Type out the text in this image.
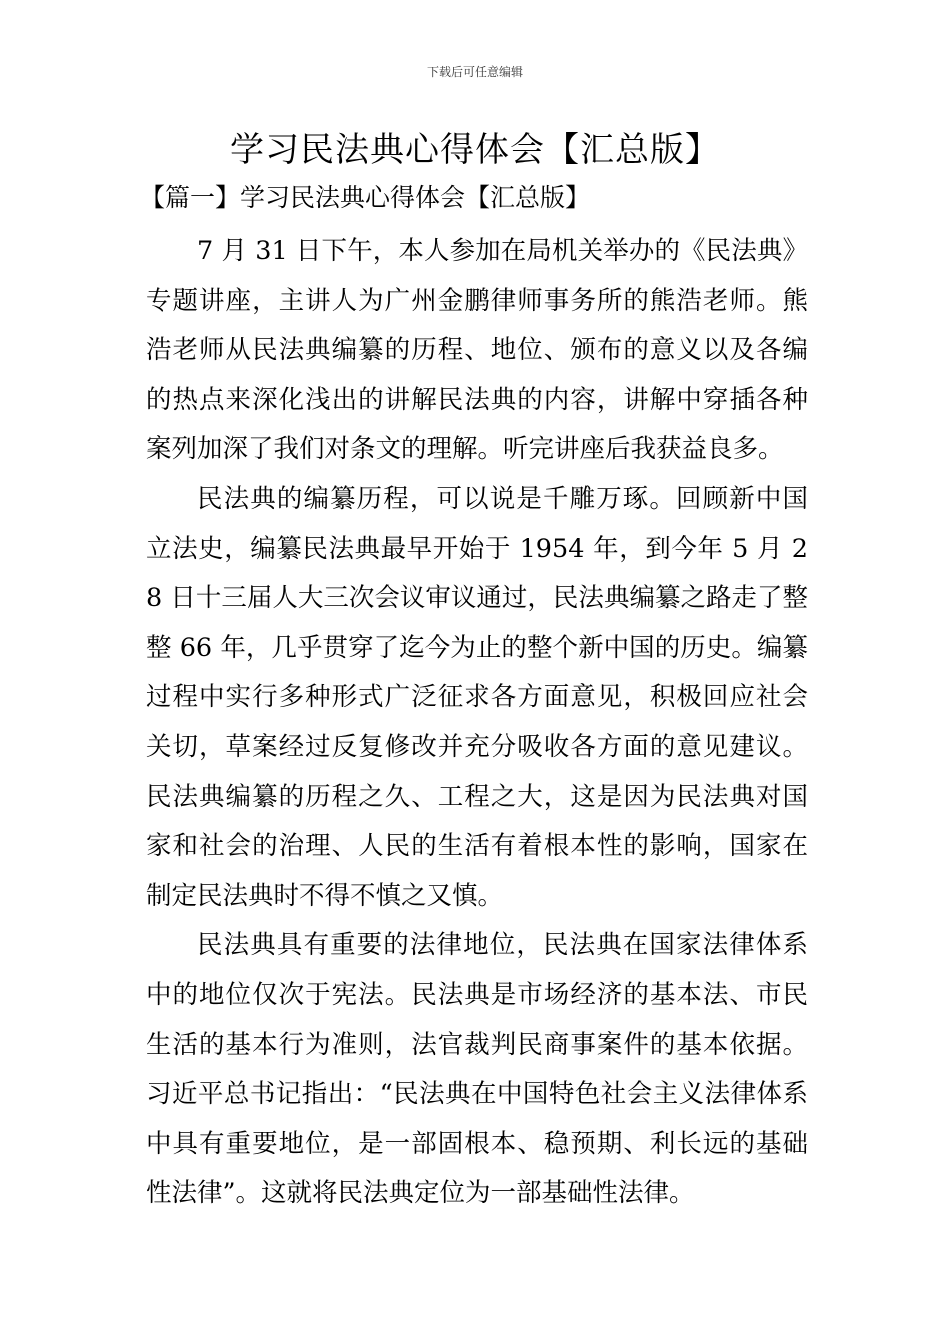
下载后可任意编辑
学习民法典心得体会【汇总版】
【篇一】学习民法典心得体会【汇总版】

7 月 31 日下午，本人参加在局机关举办的《民法典》专题讲座，主讲人为广州金鹏律师事务所的熊浩老师。熊浩老师从民法典编纂的历程、地位、颁布的意义以及各编的热点来深化浅出的讲解民法典的内容，讲解中穿插各种案列加深了我们对条文的理解。听完讲座后我获益良多。

民法典的编纂历程，可以说是千雕万琢。回顾新中国立法史，编纂民法典最早开始于 1954 年，到今年 5 月 28 日十三届人大三次会议审议通过，民法典编纂之路走了整整 66 年，几乎贯穿了迄今为止的整个新中国的历史。编纂过程中实行多种形式广泛征求各方面意见，积极回应社会关切，草案经过反复修改并充分吸收各方面的意见建议。民法典编纂的历程之久、工程之大，这是因为民法典对国家和社会的治理、人民的生活有着根本性的影响，国家在制定民法典时不得不慎之又慎。

民法典具有重要的法律地位，民法典在国家法律体系中的地位仅次于宪法。民法典是市场经济的基本法、市民生活的基本行为准则，法官裁判民商事案件的基本依据。习近平总书记指出：“民法典在中国特色社会主义法律体系中具有重要地位，是一部固根本、稳预期、利长远的基础性法律”。这就将民法典定位为一部基础性法律。
